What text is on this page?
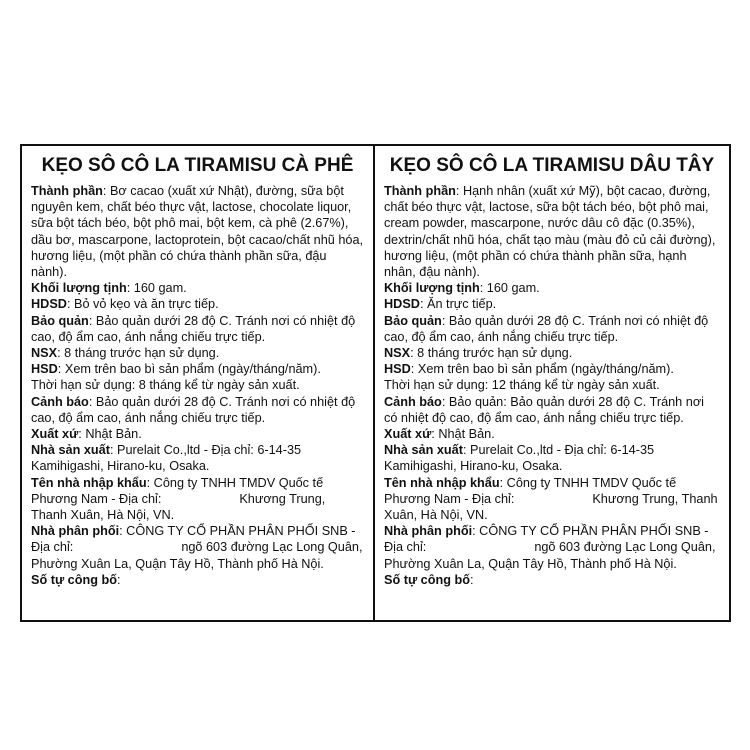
KẸO SÔ CÔ LA TIRAMISU CÀ PHÊ
Thành phần: Bơ cacao (xuất xứ Nhật), đường, sữa bột nguyên kem, chất béo thực vật, lactose, chocolate liquor, sữa bột tách béo, bột phô mai, bột kem, cà phê (2.67%), dầu bơ, mascarpone, lactoprotein, bột cacao/chất nhũ hóa, hương liệu, (một phần có chứa thành phần sữa, đậu nành).
Khối lượng tịnh: 160 gam.
HDSD: Bỏ vỏ kẹo và ăn trực tiếp.
Bảo quản: Bảo quản dưới 28 độ C. Tránh nơi có nhiệt độ cao, độ ẩm cao, ánh nắng chiếu trực tiếp.
NSX: 8 tháng trước hạn sử dụng.
HSD: Xem trên bao bì sản phẩm (ngày/tháng/năm).
Thời hạn sử dụng: 8 tháng kể từ ngày sản xuất.
Cảnh báo: Bảo quản dưới 28 độ C. Tránh nơi có nhiệt độ cao, độ ẩm cao, ánh nắng chiếu trực tiếp.
Xuất xứ: Nhật Bản.
Nhà sản xuất: Purelait Co.,ltd - Địa chỉ: 6-14-35 Kamihigashi, Hirano-ku, Osaka.
Tên nhà nhập khẩu: Công ty TNHH TMDV Quốc tế Phương Nam - Địa chỉ:	Khương Trung, Thanh Xuân, Hà Nội, VN.
Nhà phân phối: CÔNG TY CỔ PHẦN PHÂN PHỐI SNB - Địa chỉ:	ngõ 603 đường Lạc Long Quân, Phường Xuân La, Quận Tây Hồ, Thành phố Hà Nội.
Số tự công bố:
KẸO SÔ CÔ LA TIRAMISU DÂU TÂY
Thành phần: Hạnh nhân (xuất xứ Mỹ), bột cacao, đường, chất béo thực vật, lactose, sữa bột tách béo, bột phô mai, cream powder, mascarpone, nước dâu cô đặc (0.35%), dextrin/chất nhũ hóa, chất tạo màu (màu đỏ củ cải đường), hương liệu, (một phần có chứa thành phần sữa, hạnh nhân, đậu nành).
Khối lượng tịnh: 160 gam.
HDSD: Ăn trực tiếp.
Bảo quản: Bảo quản dưới 28 độ C. Tránh nơi có nhiệt độ cao, độ ẩm cao, ánh nắng chiếu trực tiếp.
NSX: 8 tháng trước hạn sử dụng.
HSD: Xem trên bao bì sản phẩm (ngày/tháng/năm).
Thời hạn sử dụng: 12 tháng kể từ ngày sản xuất.
Cảnh báo: Bảo quản: Bảo quản dưới 28 độ C. Tránh nơi có nhiệt độ cao, độ ẩm cao, ánh nắng chiếu trực tiếp.
Xuất xứ: Nhật Bản.
Nhà sản xuất: Purelait Co.,ltd - Địa chỉ: 6-14-35 Kamihigashi, Hirano-ku, Osaka.
Tên nhà nhập khẩu: Công ty TNHH TMDV Quốc tế Phương Nam - Địa chỉ:	Khương Trung, Thanh Xuân, Hà Nội, VN.
Nhà phân phối: CÔNG TY CỔ PHẦN PHÂN PHỐI SNB - Địa chỉ:	ngõ 603 đường Lạc Long Quân, Phường Xuân La, Quận Tây Hồ, Thành phố Hà Nội.
Số tự công bố:
